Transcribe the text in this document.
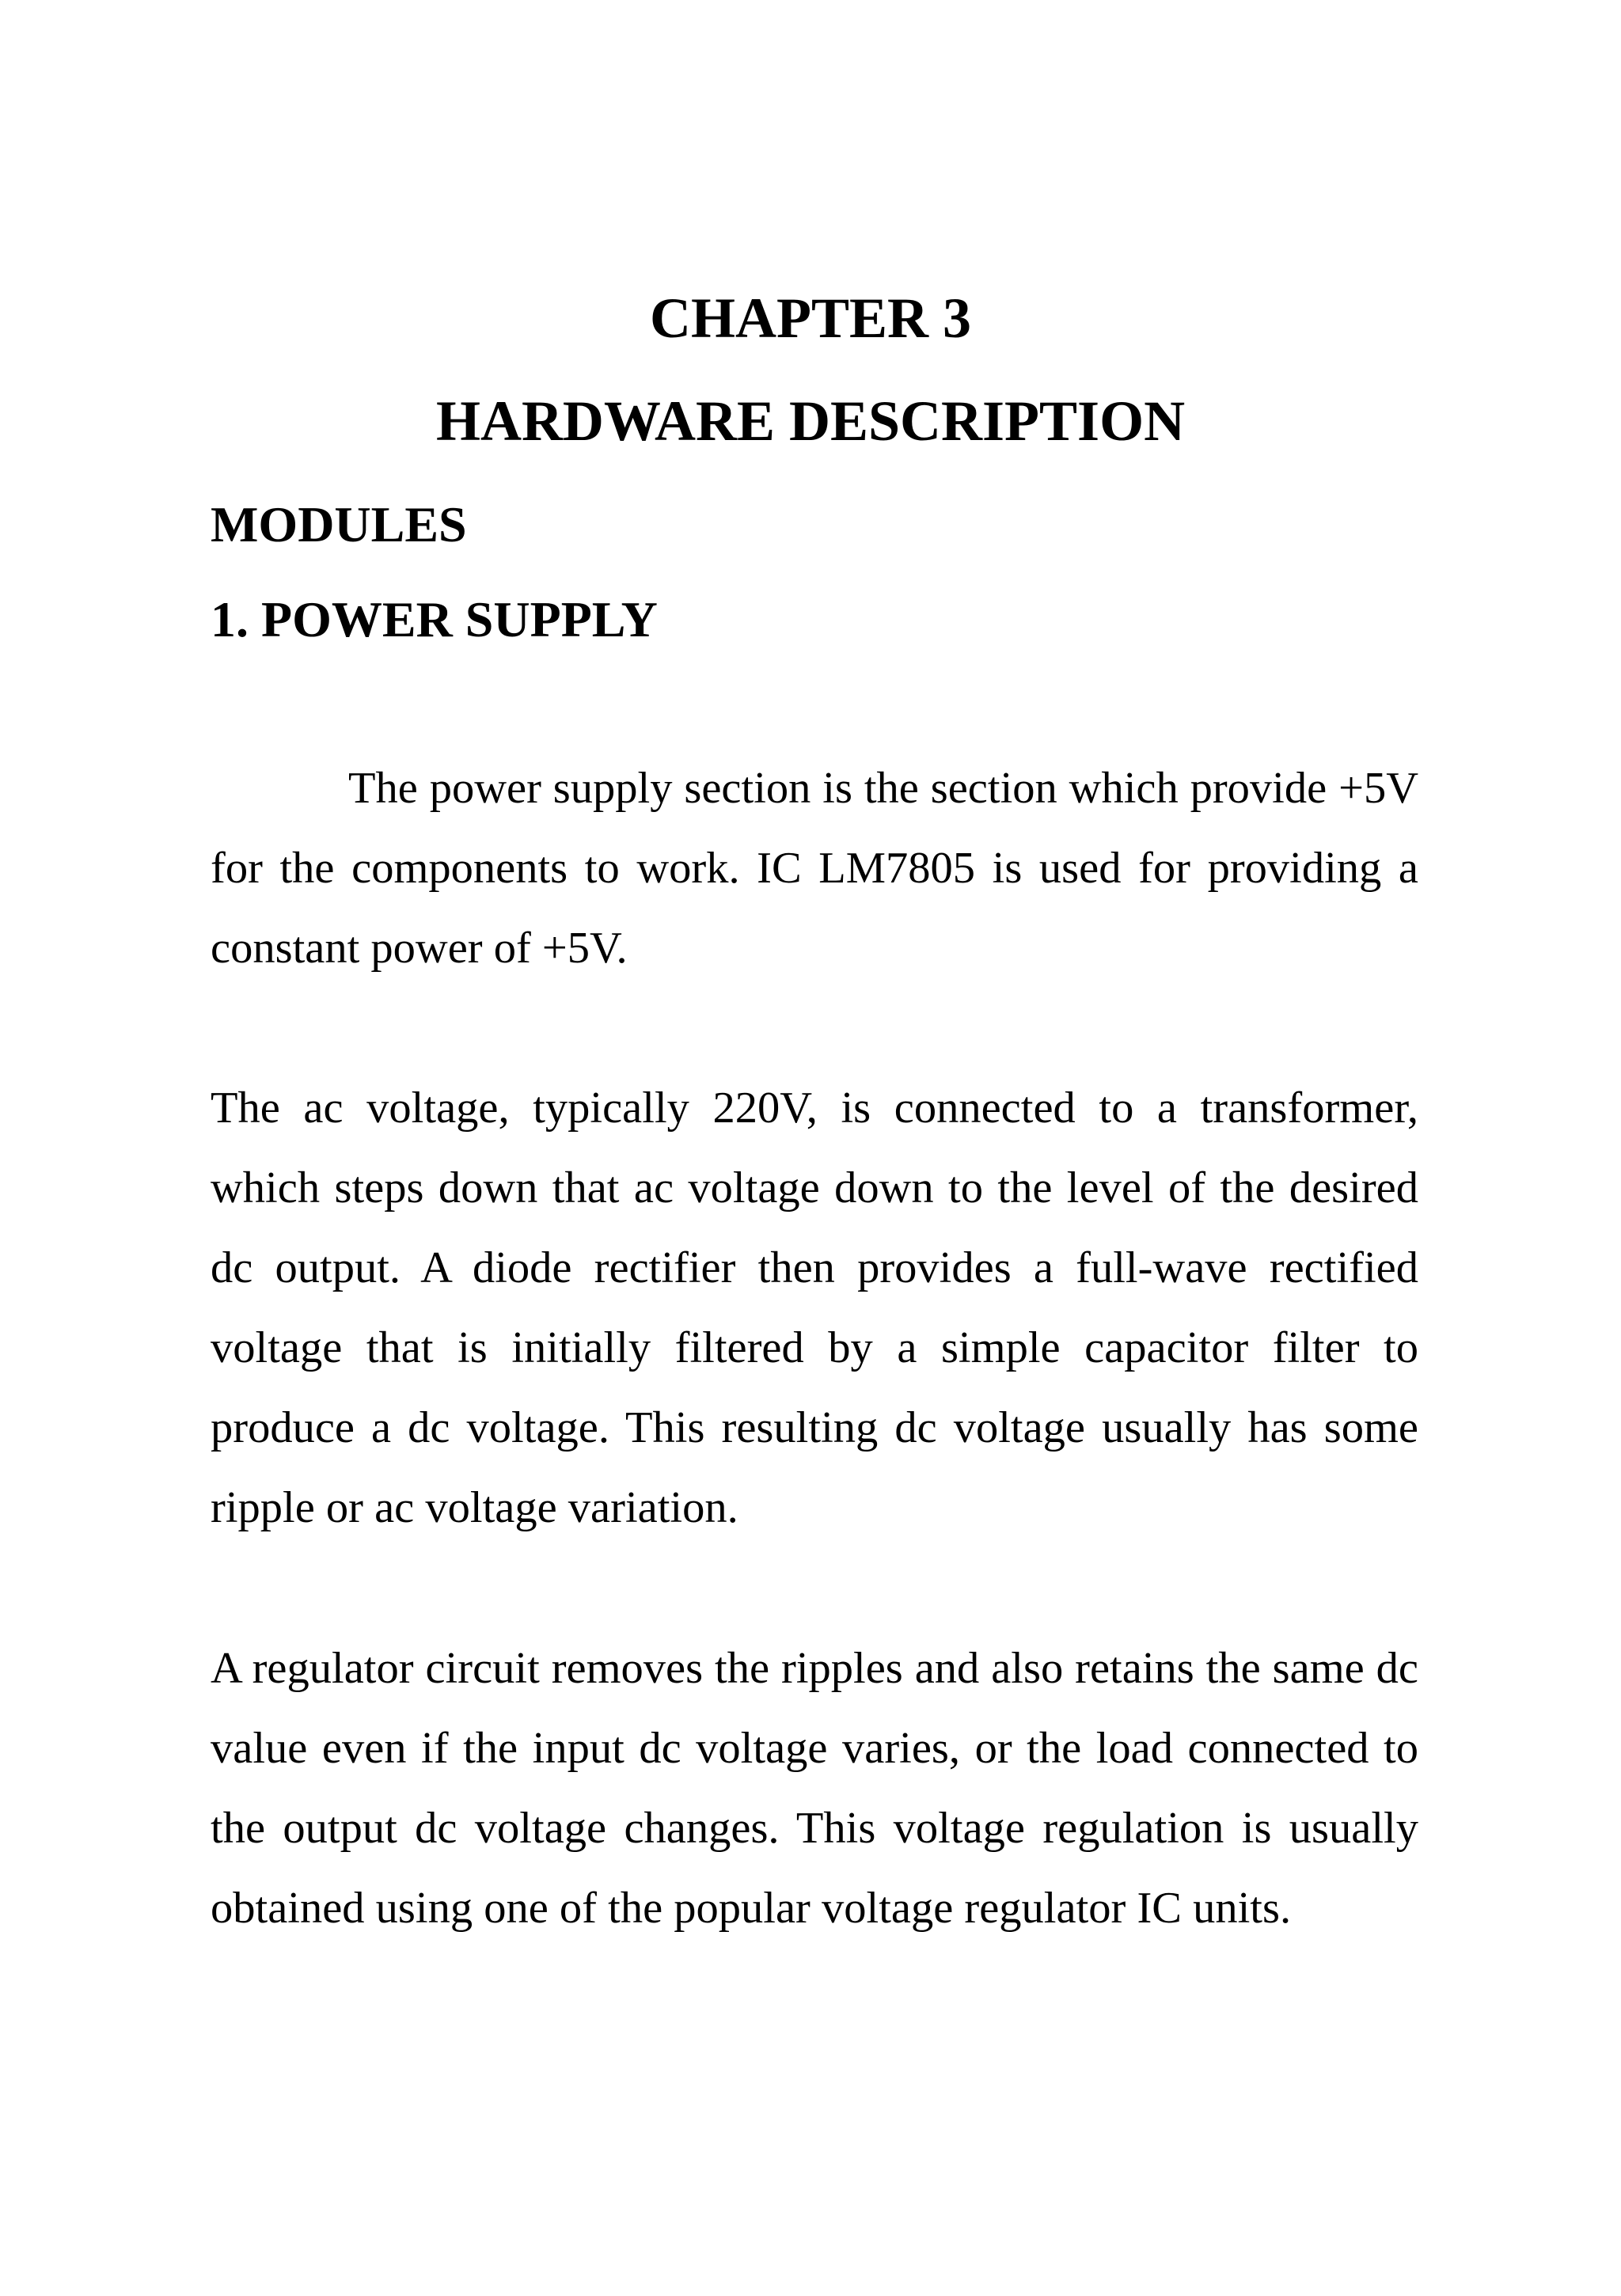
CHAPTER 3
HARDWARE DESCRIPTION
MODULES
1. POWER SUPPLY

The power supply section is the section which provide +5V for the components to work. IC LM7805 is used for providing a constant power of +5V.

The ac voltage, typically 220V, is connected to a transformer, which steps down that ac voltage down to the level of the desired dc output. A diode rectifier then provides a full-wave rectified voltage that is initially filtered by a simple capacitor filter to produce a dc voltage. This resulting dc voltage usually has some ripple or ac voltage variation.

A regulator circuit removes the ripples and also retains the same dc value even if the input dc voltage varies, or the load connected to the output dc voltage changes. This voltage regulation is usually obtained using one of the popular voltage regulator IC units.
